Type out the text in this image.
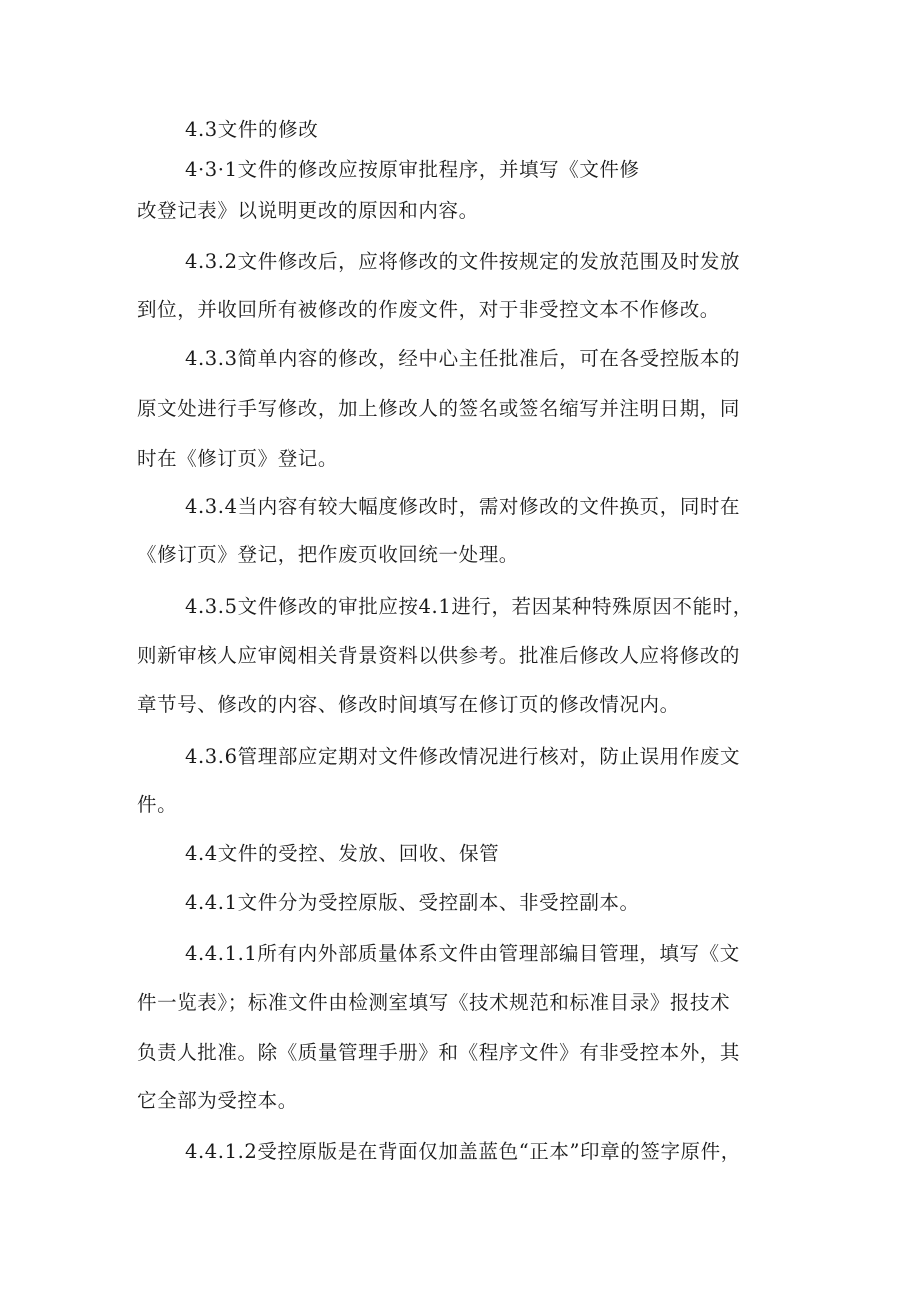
4.3文件的修改
4·3·1文件的修改应按原审批程序，并填写《文件修
改登记表》以说明更改的原因和内容。
4.3.2文件修改后，应将修改的文件按规定的发放范围及时发放
到位，并收回所有被修改的作废文件，对于非受控文本不作修改。
4.3.3简单内容的修改，经中心主任批准后，可在各受控版本的
原文处进行手写修改，加上修改人的签名或签名缩写并注明日期，同
时在《修订页》登记。
4.3.4当内容有较大幅度修改时，需对修改的文件换页，同时在
《修订页》登记，把作废页收回统一处理。
4.3.5文件修改的审批应按4.1进行，若因某种特殊原因不能时，
则新审核人应审阅相关背景资料以供参考。批准后修改人应将修改的
章节号、修改的内容、修改时间填写在修订页的修改情况内。
4.3.6管理部应定期对文件修改情况进行核对，防止误用作废文
件。
4.4文件的受控、发放、回收、保管
4.4.1文件分为受控原版、受控副本、非受控副本。
4.4.1.1所有内外部质量体系文件由管理部编目管理，填写《文
件一览表》；标准文件由检测室填写《技术规范和标准目录》报技术
负责人批准。除《质量管理手册》和《程序文件》有非受控本外，其
它全部为受控本。
4.4.1.2受控原版是在背面仅加盖蓝色“正本”印章的签字原件，
